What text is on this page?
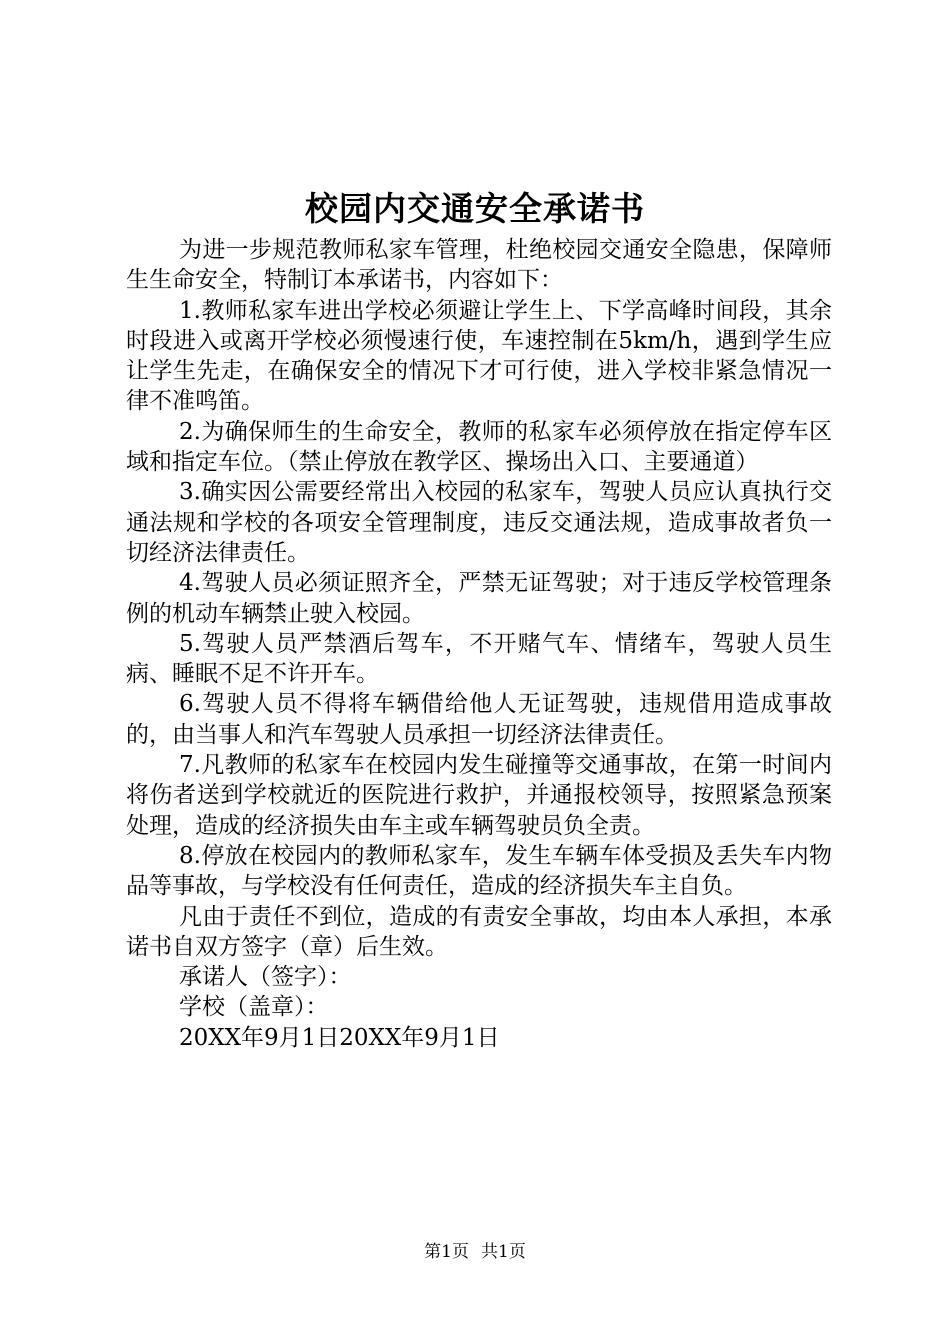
校园内交通安全承诺书

为进一步规范教师私家车管理，杜绝校园交通安全隐患，保障师生生命安全，特制订本承诺书，内容如下：

1.教师私家车进出学校必须避让学生上、下学高峰时间段，其余时段进入或离开学校必须慢速行使，车速控制在5km/h，遇到学生应让学生先走，在确保安全的情况下才可行使，进入学校非紧急情况一律不准鸣笛。

2.为确保师生的生命安全，教师的私家车必须停放在指定停车区域和指定车位。（禁止停放在教学区、操场出入口、主要通道）

3.确实因公需要经常出入校园的私家车，驾驶人员应认真执行交通法规和学校的各项安全管理制度，违反交通法规，造成事故者负一切经济法律责任。

4.驾驶人员必须证照齐全，严禁无证驾驶；对于违反学校管理条例的机动车辆禁止驶入校园。

5.驾驶人员严禁酒后驾车，不开赌气车、情绪车，驾驶人员生病、睡眠不足不许开车。

6.驾驶人员不得将车辆借给他人无证驾驶，违规借用造成事故的，由当事人和汽车驾驶人员承担一切经济法律责任。

7.凡教师的私家车在校园内发生碰撞等交通事故，在第一时间内将伤者送到学校就近的医院进行救护，并通报校领导，按照紧急预案处理，造成的经济损失由车主或车辆驾驶员负全责。

8.停放在校园内的教师私家车，发生车辆车体受损及丢失车内物品等事故，与学校没有任何责任，造成的经济损失车主自负。

凡由于责任不到位，造成的有责安全事故，均由本人承担，本承诺书自双方签字（章）后生效。

承诺人（签字）：

学校（盖章）：

20XX年9月1日20XX年9月1日

第1页 共1页
